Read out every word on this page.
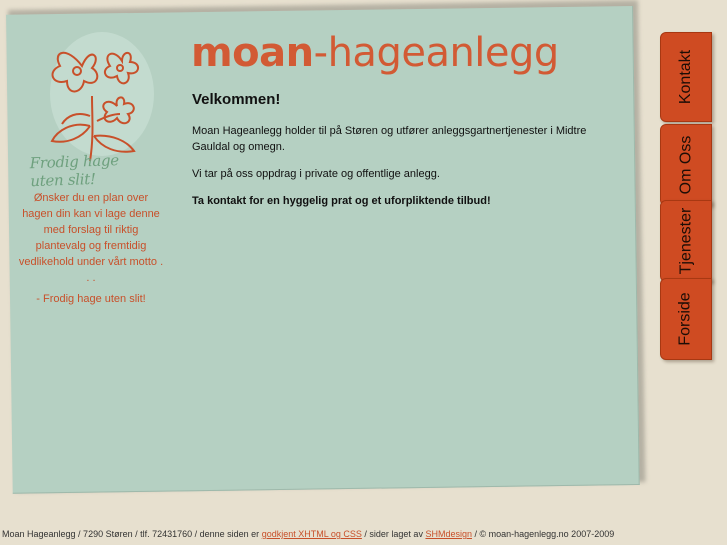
Frodig hage uten slit!
Ønsker du en plan over hagen din kan vi lage denne med forslag til riktig plantevalg og fremtidig vedlikehold under vårt motto . . .
- Frodig hage uten slit!
moan-hageanlegg
Velkommen!

Moan Hageanlegg holder til på Støren og utfører anleggsgartnertjenester i Midtre Gauldal og omegn.

Vi tar på oss oppdrag i private og offentlige anlegg.

Ta kontakt for en hyggelig prat og et uforpliktende tilbud!

Kontakt
Om Oss
Tjenester
Forside
Moan Hageanlegg / 7290 Støren / tlf. 72431760 / denne siden er godkjent XHTML og CSS / sider laget av SHMdesign / © moan-hagenlegg.no 2007-2009
